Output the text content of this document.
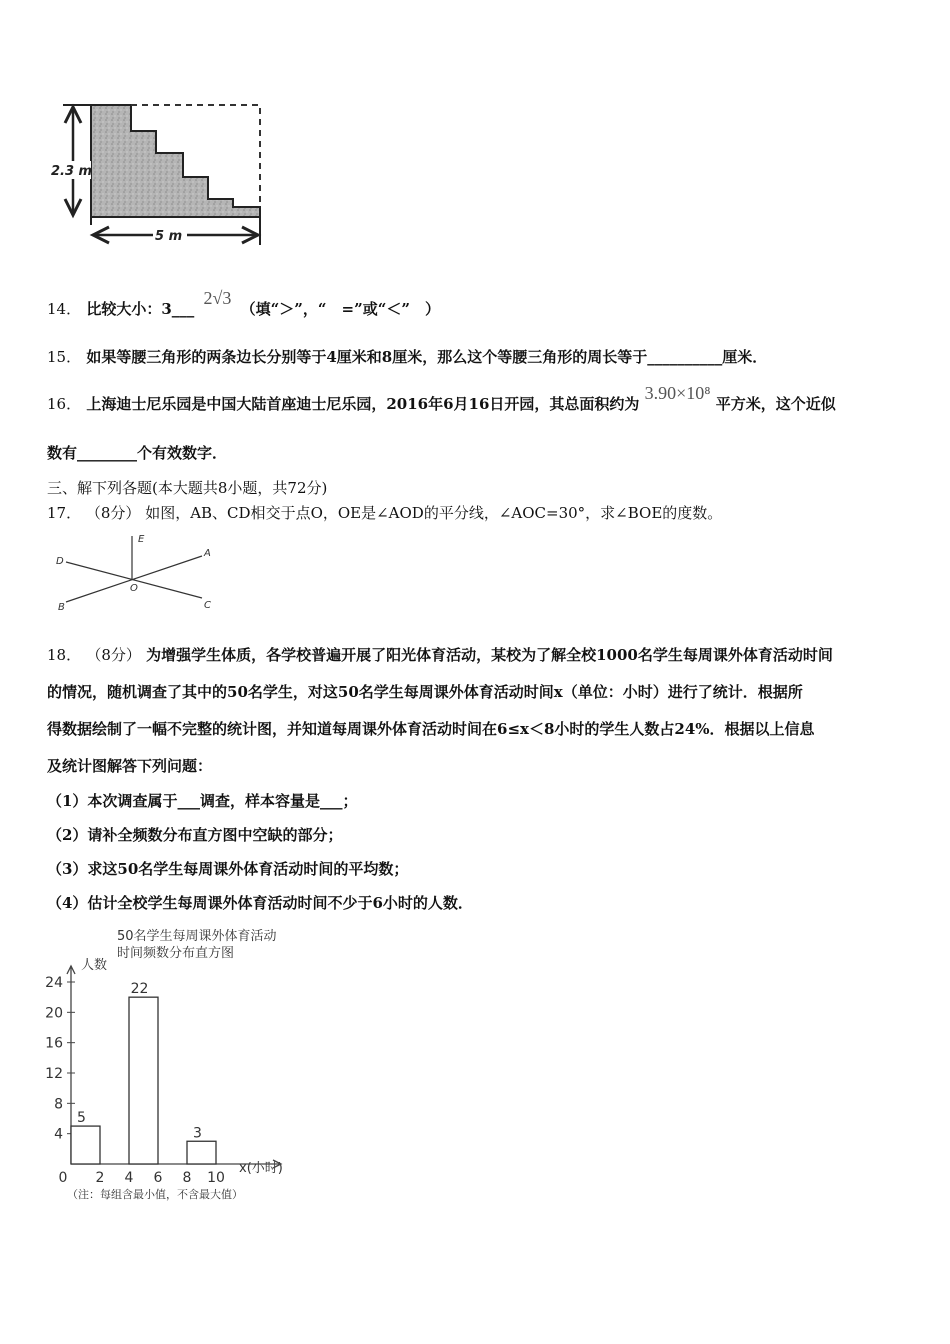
2.3 m
5 m
14． 比较大小：3___ 2√3 （填“＞”，“　=”或“＜”　）
15． 如果等腰三角形的两条边长分别等于4厘米和8厘米，那么这个等腰三角形的周长等于__________厘米．
16． 上海迪士尼乐园是中国大陆首座迪士尼乐园，2016年6月16日开园，其总面积约为 3.90×10⁸ 平方米，这个近似
数有________个有效数字．
三、解下列各题(本大题共8小题，共72分)
17． （8分） 如图，AB、CD相交于点O，OE是∠AOD的平分线，∠AOC=30°，求∠BOE的度数。
D
B
E
A
C
O
18． （8分） 为增强学生体质，各学校普遍开展了阳光体育活动，某校为了解全校1000名学生每周课外体育活动时间
的情况，随机调查了其中的50名学生，对这50名学生每周课外体育活动时间x（单位：小时）进行了统计．根据所
得数据绘制了一幅不完整的统计图，并知道每周课外体育活动时间在6≤x＜8小时的学生人数占24%．根据以上信息
及统计图解答下列问题：
（1）本次调查属于___调查，样本容量是___；
（2）请补全频数分布直方图中空缺的部分；
（3）求这50名学生每周课外体育活动时间的平均数；
（4）估计全校学生每周课外体育活动时间不少于6小时的人数．
50名学生每周课外体育活动
时间频数分布直方图
人数
x(小时)
（注：每组含最小值，不含最大值）
4
8
12
16
20
24
0 2 4 6 8 10
5
22
3
